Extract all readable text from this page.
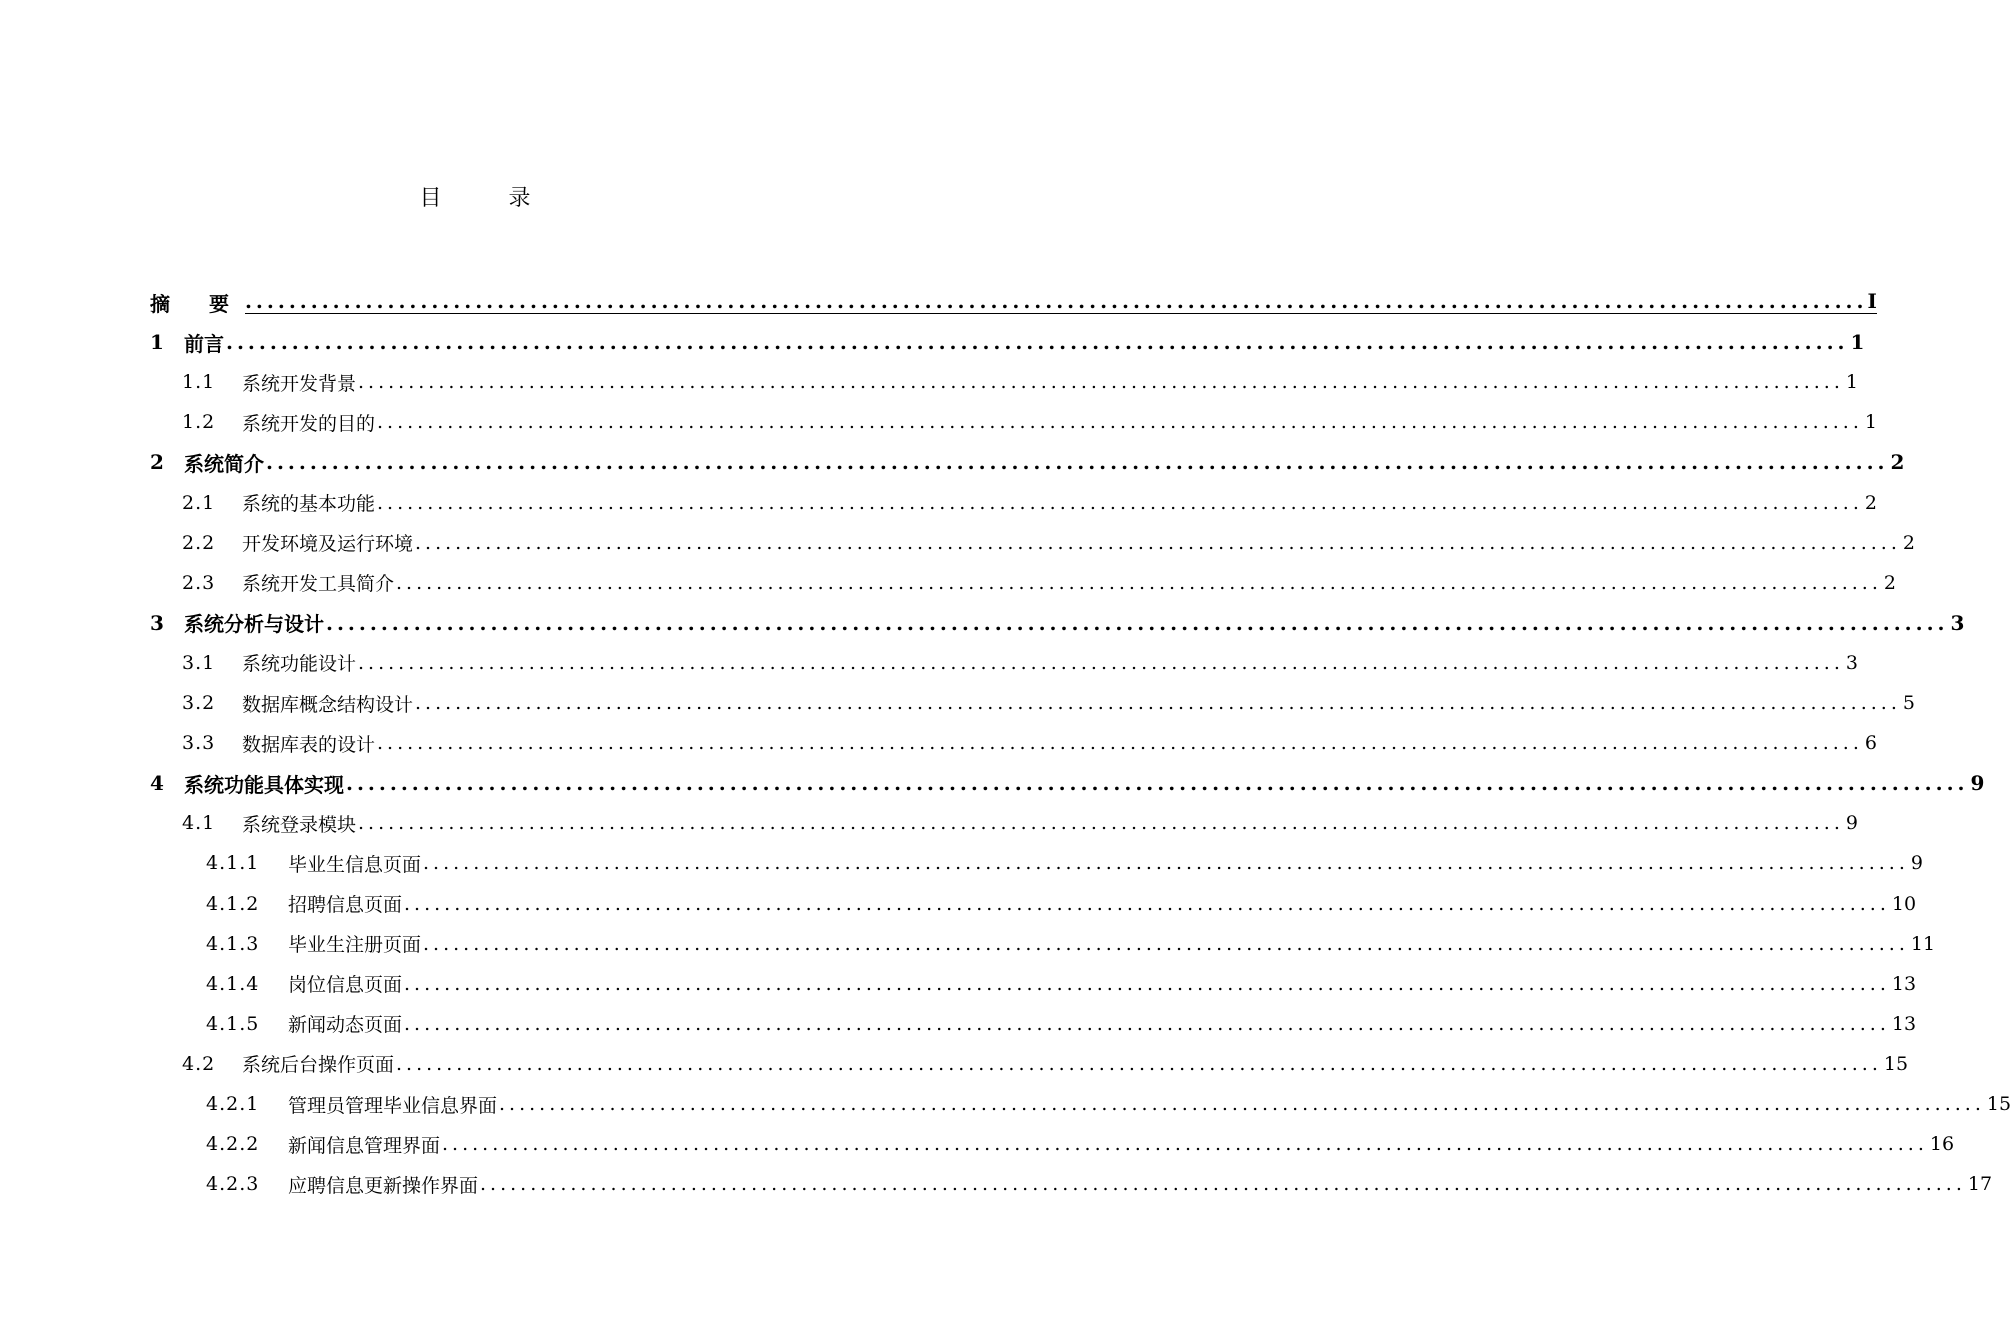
目 录
摘 要 .....	I
1 前言 .....	1
1.1	系统开发背景 .....	1
1.2	系统开发的目的 .....	1
2 系统简介 .....	2
2.1	系统的基本功能 .....	2
2.2	开发环境及运行环境 .....	2
2.3	系统开发工具简介 .....	2
3 系统分析与设计 .....	3
3.1	系统功能设计 .....	3
3.2	数据库概念结构设计 .....	5
3.3	数据库表的设计 .....	6
4 系统功能具体实现 .....	9
4.1	系统登录模块 .....	9
4.1.1	毕业生信息页面 .....	9
4.1.2	招聘信息页面 .....	10
4.1.3	毕业生注册页面 .....	11
4.1.4	岗位信息页面 .....	13
4.1.5	新闻动态页面 .....	13
4.2	系统后台操作页面 .....	15
4.2.1	管理员管理毕业信息界面 .....	15
4.2.2	新闻信息管理界面 .....	16
4.2.3	应聘信息更新操作界面 .....	17
